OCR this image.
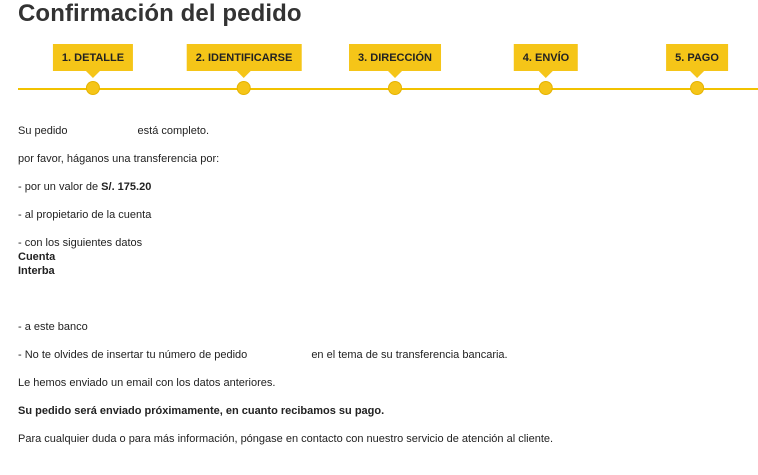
Confirmación del pedido
1. DETALLE	2. IDENTIFICARSE	3. DIRECCIÓN	4. ENVÍO	5. PAGO
Su pedido	está completo.
por favor, háganos una transferencia por:
- por un valor de S/. 175.20
- al propietario de la cuenta
- con los siguientes datos
Cuenta
Interba
- a este banco
- No te olvides de insertar tu número de pedido	en el tema de su transferencia bancaria.
Le hemos enviado un email con los datos anteriores.
Su pedido será enviado próximamente, en cuanto recibamos su pago.
Para cualquier duda o para más información, póngase en contacto con nuestro servicio de atención al cliente.
